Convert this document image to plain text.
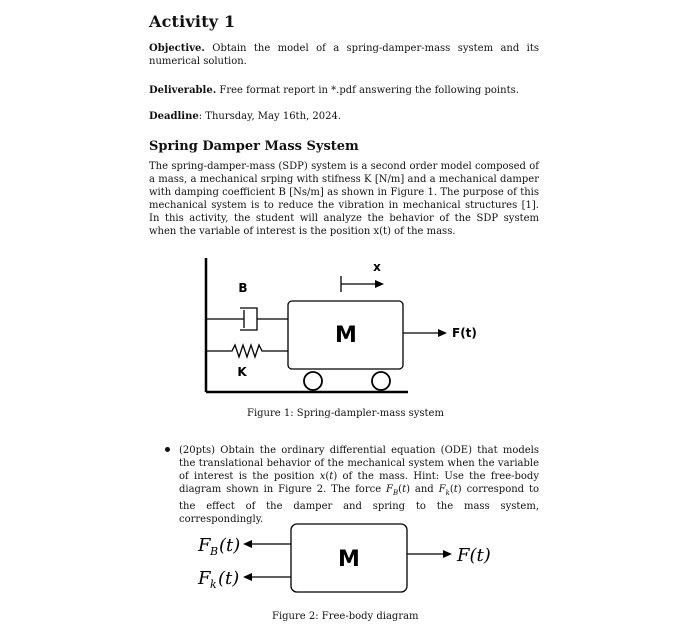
Activity 1
Objective. Obtain the model of a spring-damper-mass system and its numerical solution.
Deliverable. Free format report in *.pdf answering the following points.
Deadline: Thursday, May 16th, 2024.
Spring Damper Mass System
The spring-damper-mass (SDP) system is a second order model composed of a mass, a mechanical srping with stifness K [N/m] and a mechanical damper with damping coefficient B [Ns/m] as shown in Figure 1. The purpose of this mechanical system is to reduce the vibration in mechanical structures [1]. In this activity, the student will analyze the behavior of the SDP system when the variable of interest is the position x(t) of the mass.
B
K
M
x
F(t)
Figure 1: Spring-dampler-mass system
(20pts) Obtain the ordinary differential equation (ODE) that models the translational behavior of the mechanical system when the variable of interest is the position x(t) of the mass. Hint: Use the free-body diagram shown in Figure 2. The force $F_B(t)$ and $F_k(t)$ correspond to the effect of the damper and spring to the mass system, correspondingly.
M
F B (t)
F k (t)
F(t)
Figure 2: Free-body diagram
